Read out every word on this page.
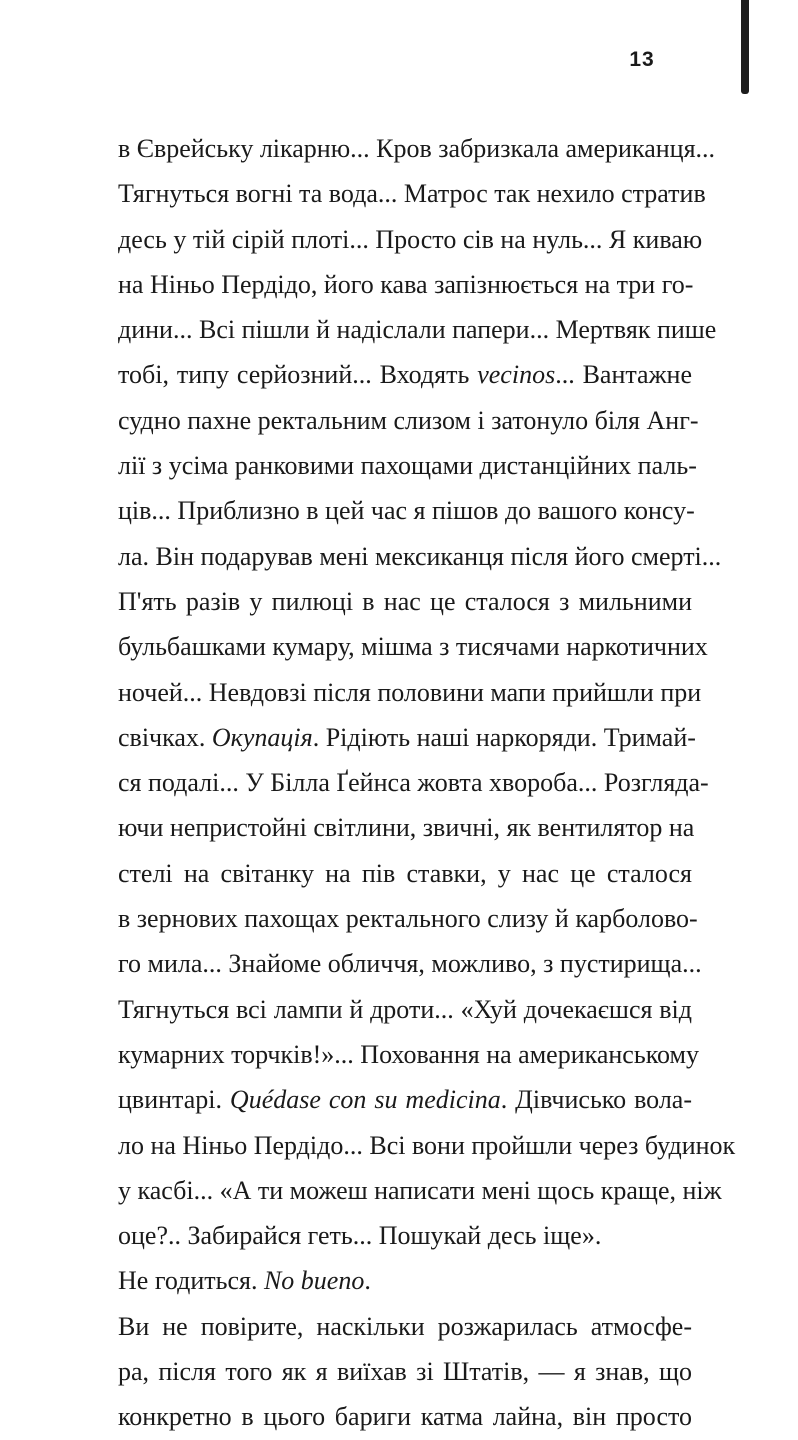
13
в Єврейську лікарню... Кров забризкала американця...
Тягнуться вогні та вода... Матрос так нехило стратив
десь у тій сірій плоті... Просто сів на нуль... Я киваю
на Ніньо Пердідо, його кава запізнюється на три го-
дини... Всі пішли й надіслали папери... Мертвяк пише
тобі, типу серйозний... Входять vecinos... Вантажне
судно пахне ректальним слизом і затонуло біля Анг-
лії з усіма ранковими пахощами дистанційних паль-
ців... Приблизно в цей час я пішов до вашого консу-
ла. Він подарував мені мексиканця після його смерті...
П'ять разів у пилюці в нас це сталося з мильними
бульбашками кумару, мішма з тисячами наркотичних
ночей... Невдовзі після половини мапи прийшли при
свічках. Окупація. Рідіють наші наркоряди. Тримай-
ся подалі... У Білла Ґейнса жовта хвороба... Розгляда-
ючи непристойні світлини, звичні, як вентилятор на
стелі на світанку на пів ставки, у нас це сталося
в зернових пахощах ректального слизу й карболово-
го мила... Знайоме обличчя, можливо, з пустирища...
Тягнуться всі лампи й дроти... «Хуй дочекаєшся від
кумарних торчків!»... Поховання на американському
цвинтарі. Quédase con su medicina. Дівчисько вола-
ло на Ніньо Пердідо... Всі вони пройшли через будинок
у касбі... «А ти можеш написати мені щось краще, ніж
оце?.. Забирайся геть... Пошукай десь іще».
Не годиться. No bueno.
Ви не повірите, наскільки розжарилась атмосфе-
ра, після того як я виїхав зі Штатів, — я знав, що
конкретно в цього бариги катма лайна, він просто
